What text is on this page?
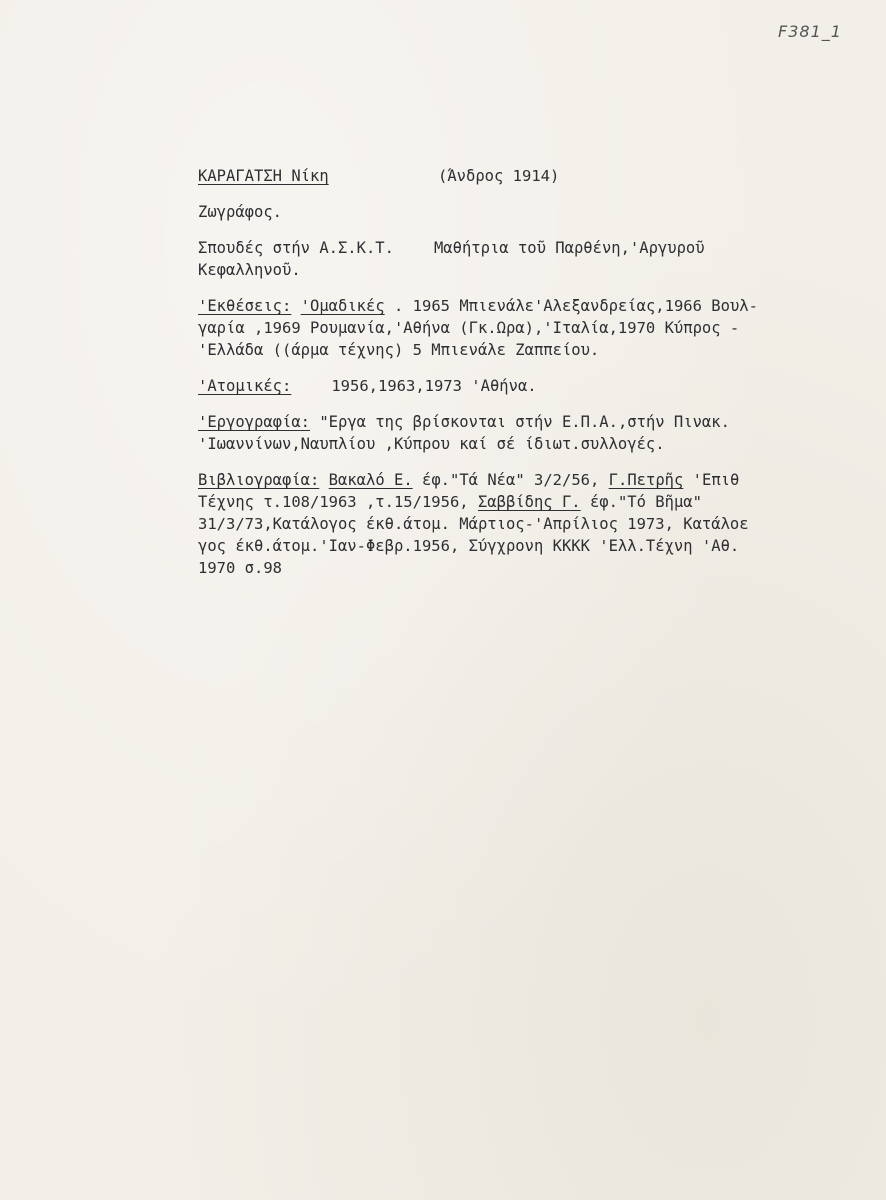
F381_1
ΚΑΡΑΓΑΤΣΗ Νίκη	(Άνδρος 1914)
Ζωγράφος.
Σπουδές στήν Α.Σ.Κ.Τ.	Μαθήτρια τοῦ Παρθένη,'Αργυροῦ
Κεφαλληνοῦ.
'Εκθέσεις: 'Ομαδικές . 1965 Μπιενάλε'Αλεξανδρείας,1966 Βουλ-
γαρία ,1969 Ρουμανία,'Αθήνα (Γκ.Ωρα),'Ιταλία,1970 Κύπρος -
'Ελλάδα ((άρμα τέχνης) 5 Μπιενάλε Ζαππείου.
'Ατομικές:	1956,1963,1973 'Αθήνα.
'Εργογραφία: "Εργα της βρίσκονται στήν Ε.Π.Α.,στήν Πινακ.
'Ιωαννίνων,Ναυπλίου ,Κύπρου καί σέ ίδιωτ.συλλογές.
Βιβλιογραφία: Βακαλό Ε. έφ."Τά Νέα" 3/2/56, Γ.Πετρῆς 'Επιθ
Τέχνης τ.108/1963 ,τ.15/1956, Σαββίδης Γ. έφ."Τό Βῆμα"
31/3/73,Κατάλογος έκθ.άτομ. Μάρτιος-'Απρίλιος 1973, Κατάλοε
γος έκθ.άτομ.'Ιαν-Φεβρ.1956, Σύγχρονη ΚΚΚΚ 'Ελλ.Τέχνη 'Αθ.
1970 σ.98
